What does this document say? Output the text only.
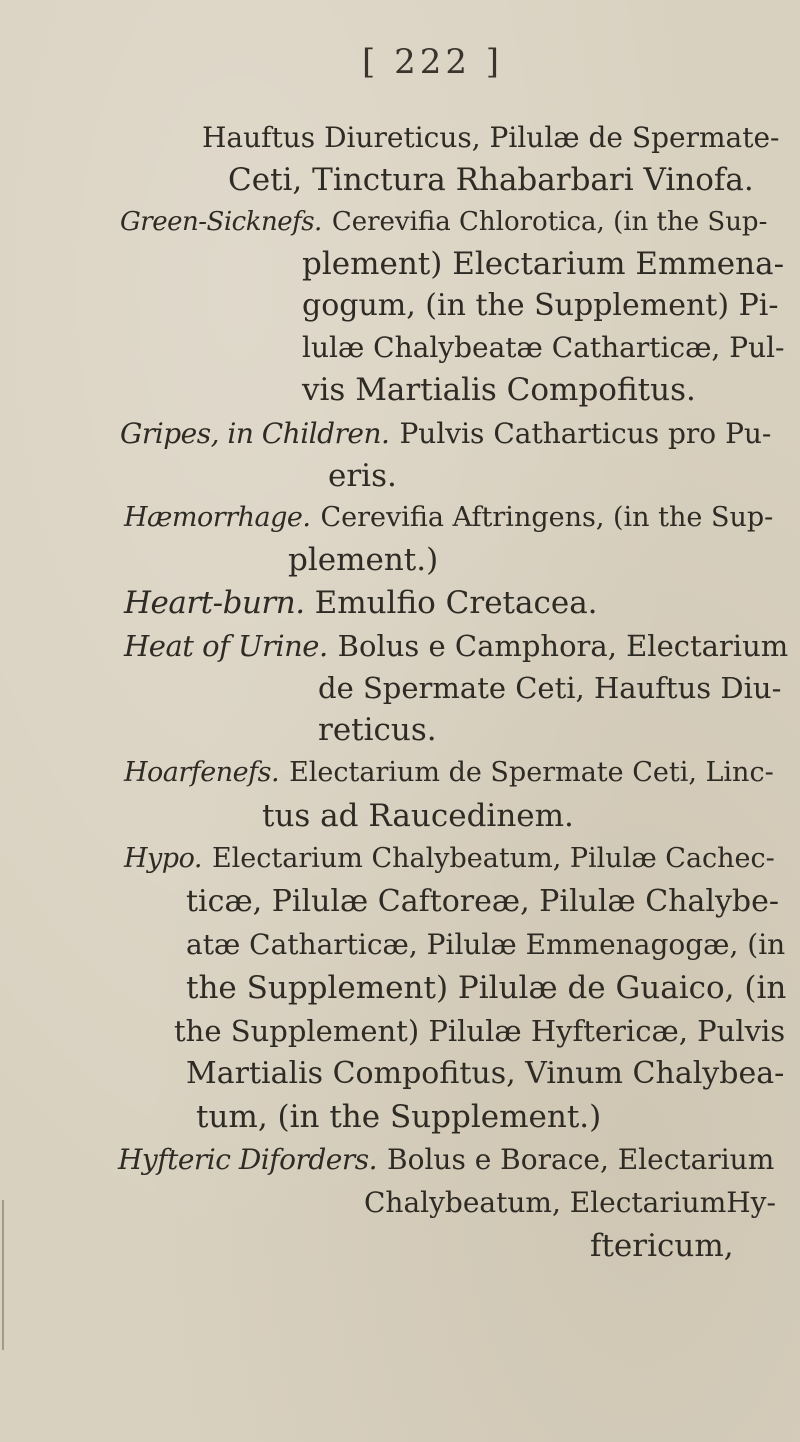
[ 222 ]
Hauftus Diureticus, Pilulæ de Spermate-
Ceti, Tinctura Rhabarbari Vinofa.
Green-Sicknefs. Cerevifia Chlorotica, (in the Sup-
plement) Electarium Emmena-
gogum, (in the Supplement) Pi-
lulæ Chalybeatæ Catharticæ, Pul-
vis Martialis Compofitus.
Gripes, in Children. Pulvis Catharticus pro Pu-
eris.
Hæmorrhage. Cerevifia Aftringens, (in the Sup-
plement.)
Heart-burn. Emulfio Cretacea.
Heat of Urine. Bolus e Camphora, Electarium
de Spermate Ceti, Hauftus Diu-
reticus.
Hoarfenefs. Electarium de Spermate Ceti, Linc-
tus ad Raucedinem.
Hypo. Electarium Chalybeatum, Pilulæ Cachec-
ticæ, Pilulæ Caftoreæ, Pilulæ Chalybe-
atæ Catharticæ, Pilulæ Emmenagogæ, (in
the Supplement) Pilulæ de Guaico, (in
the Supplement) Pilulæ Hyftericæ, Pulvis
Martialis Compofitus, Vinum Chalybea-
tum, (in the Supplement.)
Hyfteric Diforders. Bolus e Borace, Electarium
Chalybeatum, ElectariumHy-
ftericum,
